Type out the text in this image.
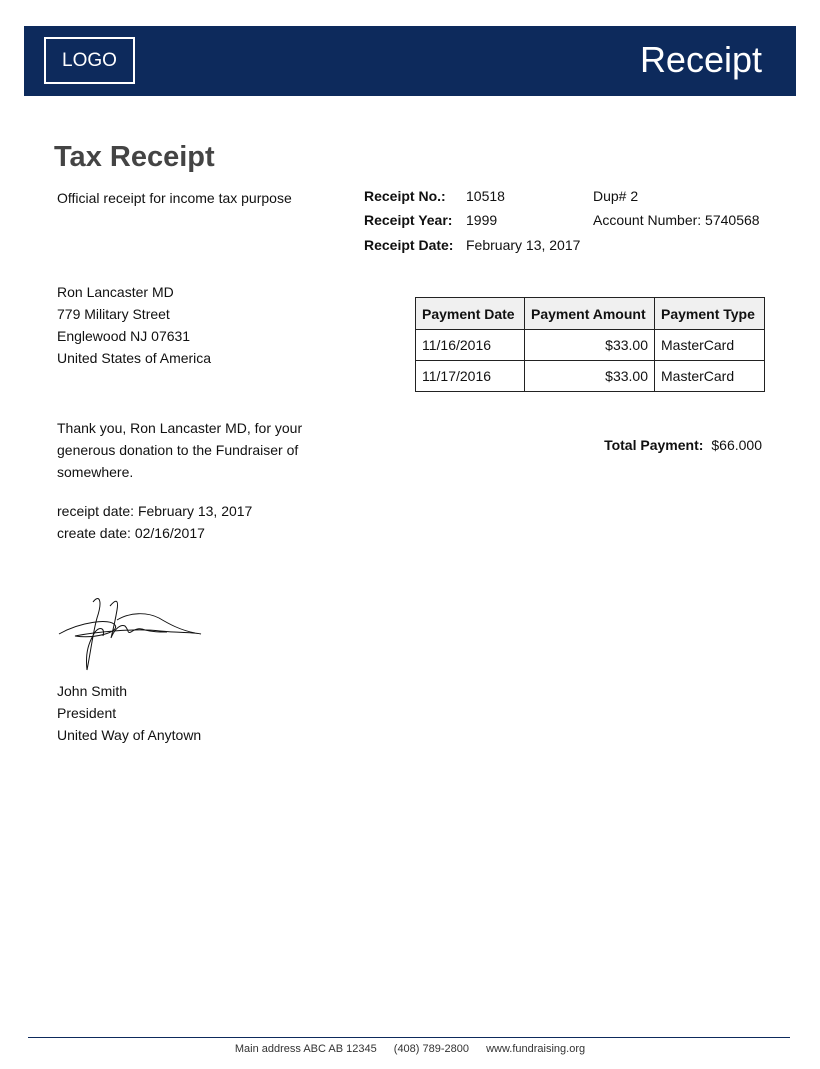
LOGO	Receipt
Tax Receipt
Official receipt for income tax purpose	Receipt No.: 10518
Receipt Year: 1999
Receipt Date: February 13, 2017
Dup# 2
Account Number: 5740568
Ron Lancaster MD
779 Military Street
Englewood NJ 07631
United States of America
Payment Date	Payment Amount	Payment Type
11/16/2016	$33.00	MasterCard
11/17/2016	$33.00	MasterCard
Total Payment: $66.000
Thank you, Ron Lancaster MD, for your generous donation to the Fundraiser of somewhere.
receipt date: February 13, 2017
create date: 02/16/2017
John Smith
President
United Way of Anytown
Main address ABC AB 12345 (408) 789-2800 www.fundraising.org
